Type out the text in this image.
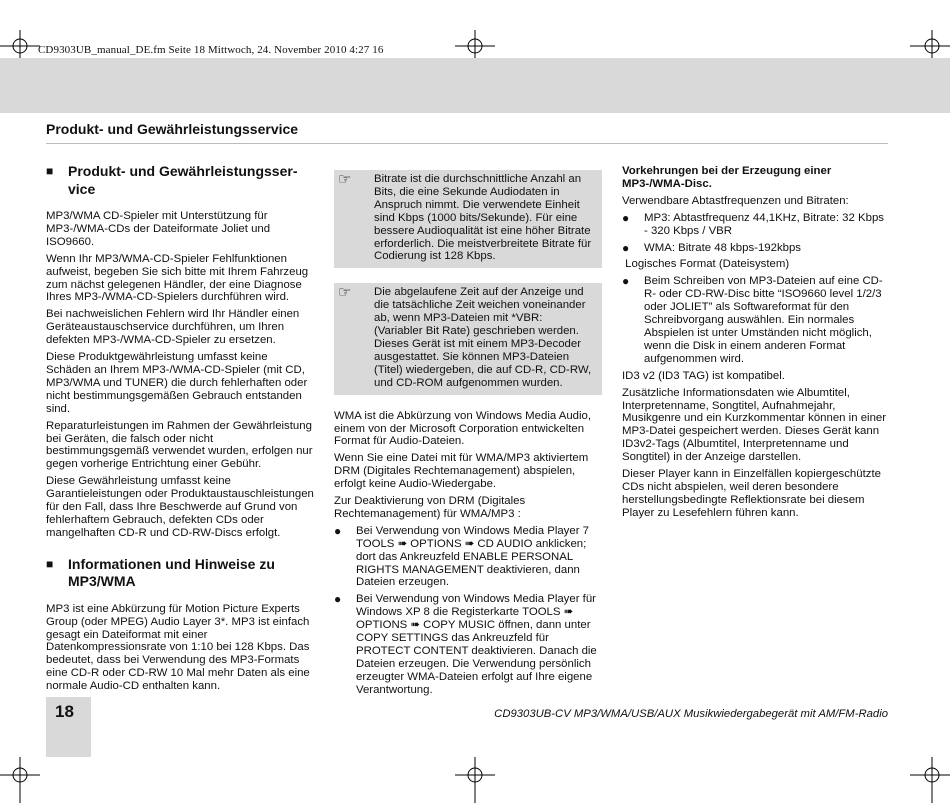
CD9303UB_manual_DE.fm Seite 18 Mittwoch, 24. November 2010 4:27 16
Produkt- und Gewährleistungsservice
■	Produkt- und Gewährleistungsser-
vice

MP3/WMA CD-Spieler mit Unterstützung für MP3-/WMA-CDs der Dateiformate Joliet und ISO9660.

Wenn Ihr MP3/WMA-CD-Spieler Fehlfunktionen aufweist, begeben Sie sich bitte mit Ihrem Fahrzeug zum nächst gelegenen Händler, der eine Diagnose Ihres MP3-/WMA-CD-Spielers durchführen wird.

Bei nachweislichen Fehlern wird Ihr Händler einen Geräteaustauschservice durchführen, um Ihren defekten MP3-/WMA-CD-Spieler zu ersetzen.

Diese Produktgewährleistung umfasst keine Schäden an Ihrem MP3-/WMA-CD-Spieler (mit CD, MP3/WMA und TUNER) die durch fehlerhaften oder nicht bestimmungsgemäßen Gebrauch entstanden sind.

Reparaturleistungen im Rahmen der Gewährleistung bei Geräten, die falsch oder nicht bestimmungsgemäß verwendet wurden, erfolgen nur gegen vorherige Entrichtung einer Gebühr.

Diese Gewährleistung umfasst keine Garantieleistungen oder Produktaustauschleistungen für den Fall, dass Ihre Beschwerde auf Grund von fehlerhaftem Gebrauch, defekten CDs oder mangelhaften CD-R und CD-RW-Discs erfolgt.

■	Informationen und Hinweise zu
MP3/WMA

MP3 ist eine Abkürzung für Motion Picture Experts Group (oder MPEG) Audio Layer 3*. MP3 ist einfach gesagt ein Dateiformat mit einer Datenkompressionsrate von 1:10 bei 128 Kbps. Das bedeutet, dass bei Verwendung des MP3-Formats eine CD-R oder CD-RW 10 Mal mehr Daten als eine normale Audio-CD enthalten kann.

☞	Bitrate ist die durchschnittliche Anzahl an Bits, die eine Sekunde Audiodaten in Anspruch nimmt. Die verwendete Einheit sind Kbps (1000 bits/Sekunde). Für eine bessere Audioqualität ist eine höher Bitrate erforderlich. Die meistverbreitete Bitrate für Codierung ist 128 Kbps.
☞	Die abgelaufene Zeit auf der Anzeige und die tatsächliche Zeit weichen voneinander ab, wenn MP3-Dateien mit *VBR: (Variabler Bit Rate) geschrieben werden. Dieses Gerät ist mit einem MP3-Decoder ausgestattet. Sie können MP3-Dateien (Titel) wiedergeben, die auf CD-R, CD-RW, und CD-ROM aufgenommen wurden.

WMA ist die Abkürzung von Windows Media Audio, einem von der Microsoft Corporation entwickelten Format für Audio-Dateien.

Wenn Sie eine Datei mit für WMA/MP3 aktiviertem DRM (Digitales Rechtemanagement) abspielen, erfolgt keine Audio-Wiedergabe.

Zur Deaktivierung von DRM (Digitales Rechtemanagement) für WMA/MP3 :

●	Bei Verwendung von Windows Media Player 7 TOOLS ➠ OPTIONS ➠ CD AUDIO anklicken; dort das Ankreuzfeld ENABLE PERSONAL RIGHTS MANAGEMENT deaktivieren, dann Dateien erzeugen.
●	Bei Verwendung von Windows Media Player für Windows XP 8 die Registerkarte TOOLS ➠ OPTIONS ➠ COPY MUSIC öffnen, dann unter COPY SETTINGS das Ankreuzfeld für PROTECT CONTENT deaktivieren. Danach die Dateien erzeugen. Die Verwendung persönlich erzeugter WMA-Dateien erfolgt auf Ihre eigene Verantwortung.

Vorkehrungen bei der Erzeugung einer MP3-/WMA-Disc.

Verwendbare Abtastfrequenzen und Bitraten:

●	MP3: Abtastfrequenz 44,1KHz, Bitrate: 32 Kbps - 320 Kbps / VBR
●	WMA: Bitrate 48 kbps-192kbps

Logisches Format (Dateisystem)

●	Beim Schreiben von MP3-Dateien auf eine CD-R- oder CD-RW-Disc bitte “ISO9660 level 1/2/3 oder JOLIET” als Softwareformat für den Schreibvorgang auswählen. Ein normales Abspielen ist unter Umständen nicht möglich, wenn die Disk in einem anderen Format aufgenommen wird.

ID3 v2 (ID3 TAG) ist kompatibel.

Zusätzliche Informationsdaten wie Albumtitel, Interpretenname, Songtitel, Aufnahmejahr, Musikgenre und ein Kurzkommentar können in einer MP3-Datei gespeichert werden. Dieses Gerät kann ID3v2-Tags (Albumtitel, Interpretenname und Songtitel) in der Anzeige darstellen.

Dieser Player kann in Einzelfällen kopiergeschützte CDs nicht abspielen, weil deren besondere herstellungsbedingte Reflektionsrate bei diesem Player zu Lesefehlern führen kann.

18	CD9303UB-CV MP3/WMA/USB/AUX Musikwiedergabegerät mit AM/FM-Radio
